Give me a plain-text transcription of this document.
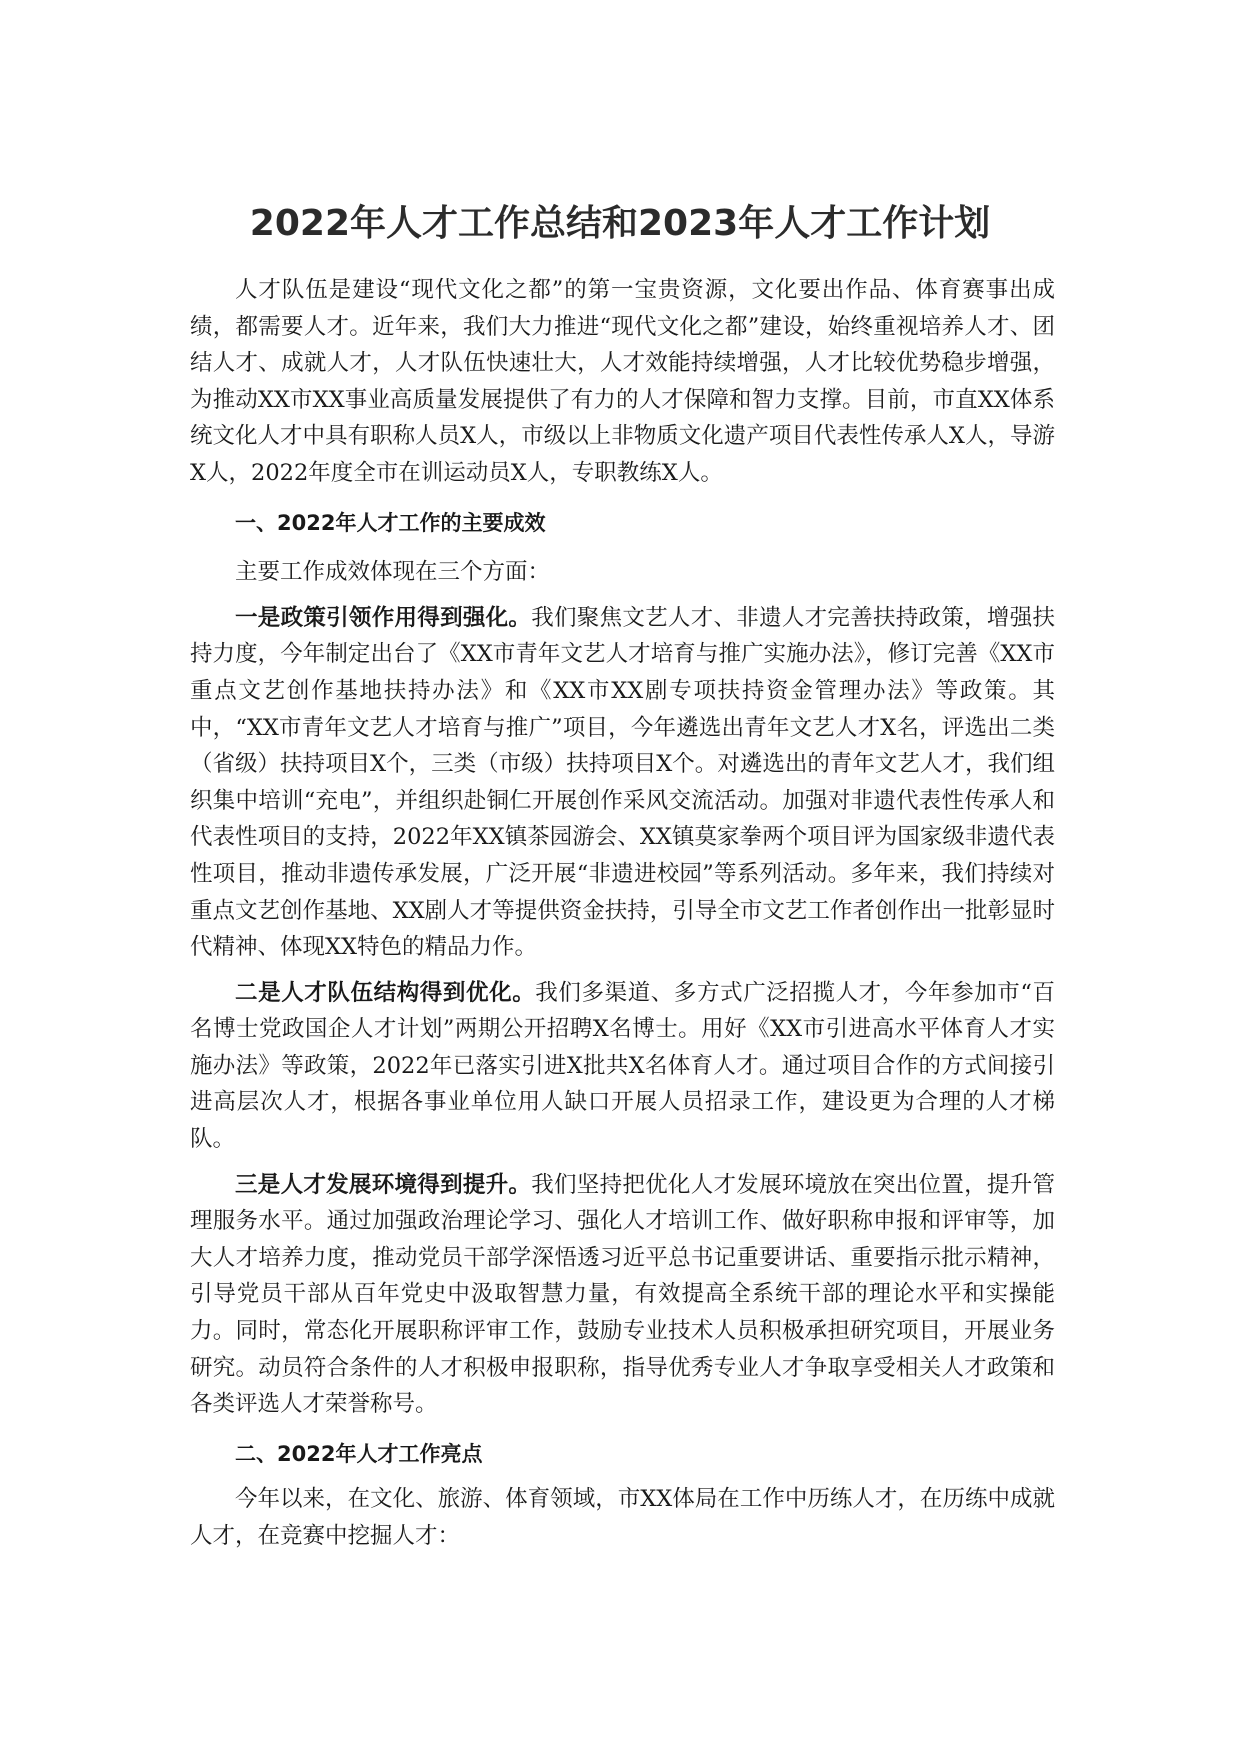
2022年人才工作总结和2023年人才工作计划

人才队伍是建设“现代文化之都”的第一宝贵资源，文化要出作品、体育赛事出成绩，都需要人才。近年来，我们大力推进“现代文化之都”建设，始终重视培养人才、团结人才、成就人才，人才队伍快速壮大，人才效能持续增强，人才比较优势稳步增强，为推动XX市XX事业高质量发展提供了有力的人才保障和智力支撑。目前，市直XX体系统文化人才中具有职称人员X人，市级以上非物质文化遗产项目代表性传承人X人，导游X人，2022年度全市在训运动员X人，专职教练X人。

一、2022年人才工作的主要成效

主要工作成效体现在三个方面：

一是政策引领作用得到强化。我们聚焦文艺人才、非遗人才完善扶持政策，增强扶持力度，今年制定出台了《XX市青年文艺人才培育与推广实施办法》，修订完善《XX市重点文艺创作基地扶持办法》和《XX市XX剧专项扶持资金管理办法》等政策。其中，“XX市青年文艺人才培育与推广”项目，今年遴选出青年文艺人才X名，评选出二类（省级）扶持项目X个，三类（市级）扶持项目X个。对遴选出的青年文艺人才，我们组织集中培训“充电”，并组织赴铜仁开展创作采风交流活动。加强对非遗代表性传承人和代表性项目的支持，2022年XX镇茶园游会、XX镇莫家拳两个项目评为国家级非遗代表性项目，推动非遗传承发展，广泛开展“非遗进校园”等系列活动。多年来，我们持续对重点文艺创作基地、XX剧人才等提供资金扶持，引导全市文艺工作者创作出一批彰显时代精神、体现XX特色的精品力作。

二是人才队伍结构得到优化。我们多渠道、多方式广泛招揽人才，今年参加市“百名博士党政国企人才计划”两期公开招聘X名博士。用好《XX市引进高水平体育人才实施办法》等政策，2022年已落实引进X批共X名体育人才。通过项目合作的方式间接引进高层次人才，根据各事业单位用人缺口开展人员招录工作，建设更为合理的人才梯队。

三是人才发展环境得到提升。我们坚持把优化人才发展环境放在突出位置，提升管理服务水平。通过加强政治理论学习、强化人才培训工作、做好职称申报和评审等，加大人才培养力度，推动党员干部学深悟透习近平总书记重要讲话、重要指示批示精神，引导党员干部从百年党史中汲取智慧力量，有效提高全系统干部的理论水平和实操能力。同时，常态化开展职称评审工作，鼓励专业技术人员积极承担研究项目，开展业务研究。动员符合条件的人才积极申报职称，指导优秀专业人才争取享受相关人才政策和各类评选人才荣誉称号。

二、2022年人才工作亮点

今年以来，在文化、旅游、体育领域，市XX体局在工作中历练人才，在历练中成就人才，在竞赛中挖掘人才：
